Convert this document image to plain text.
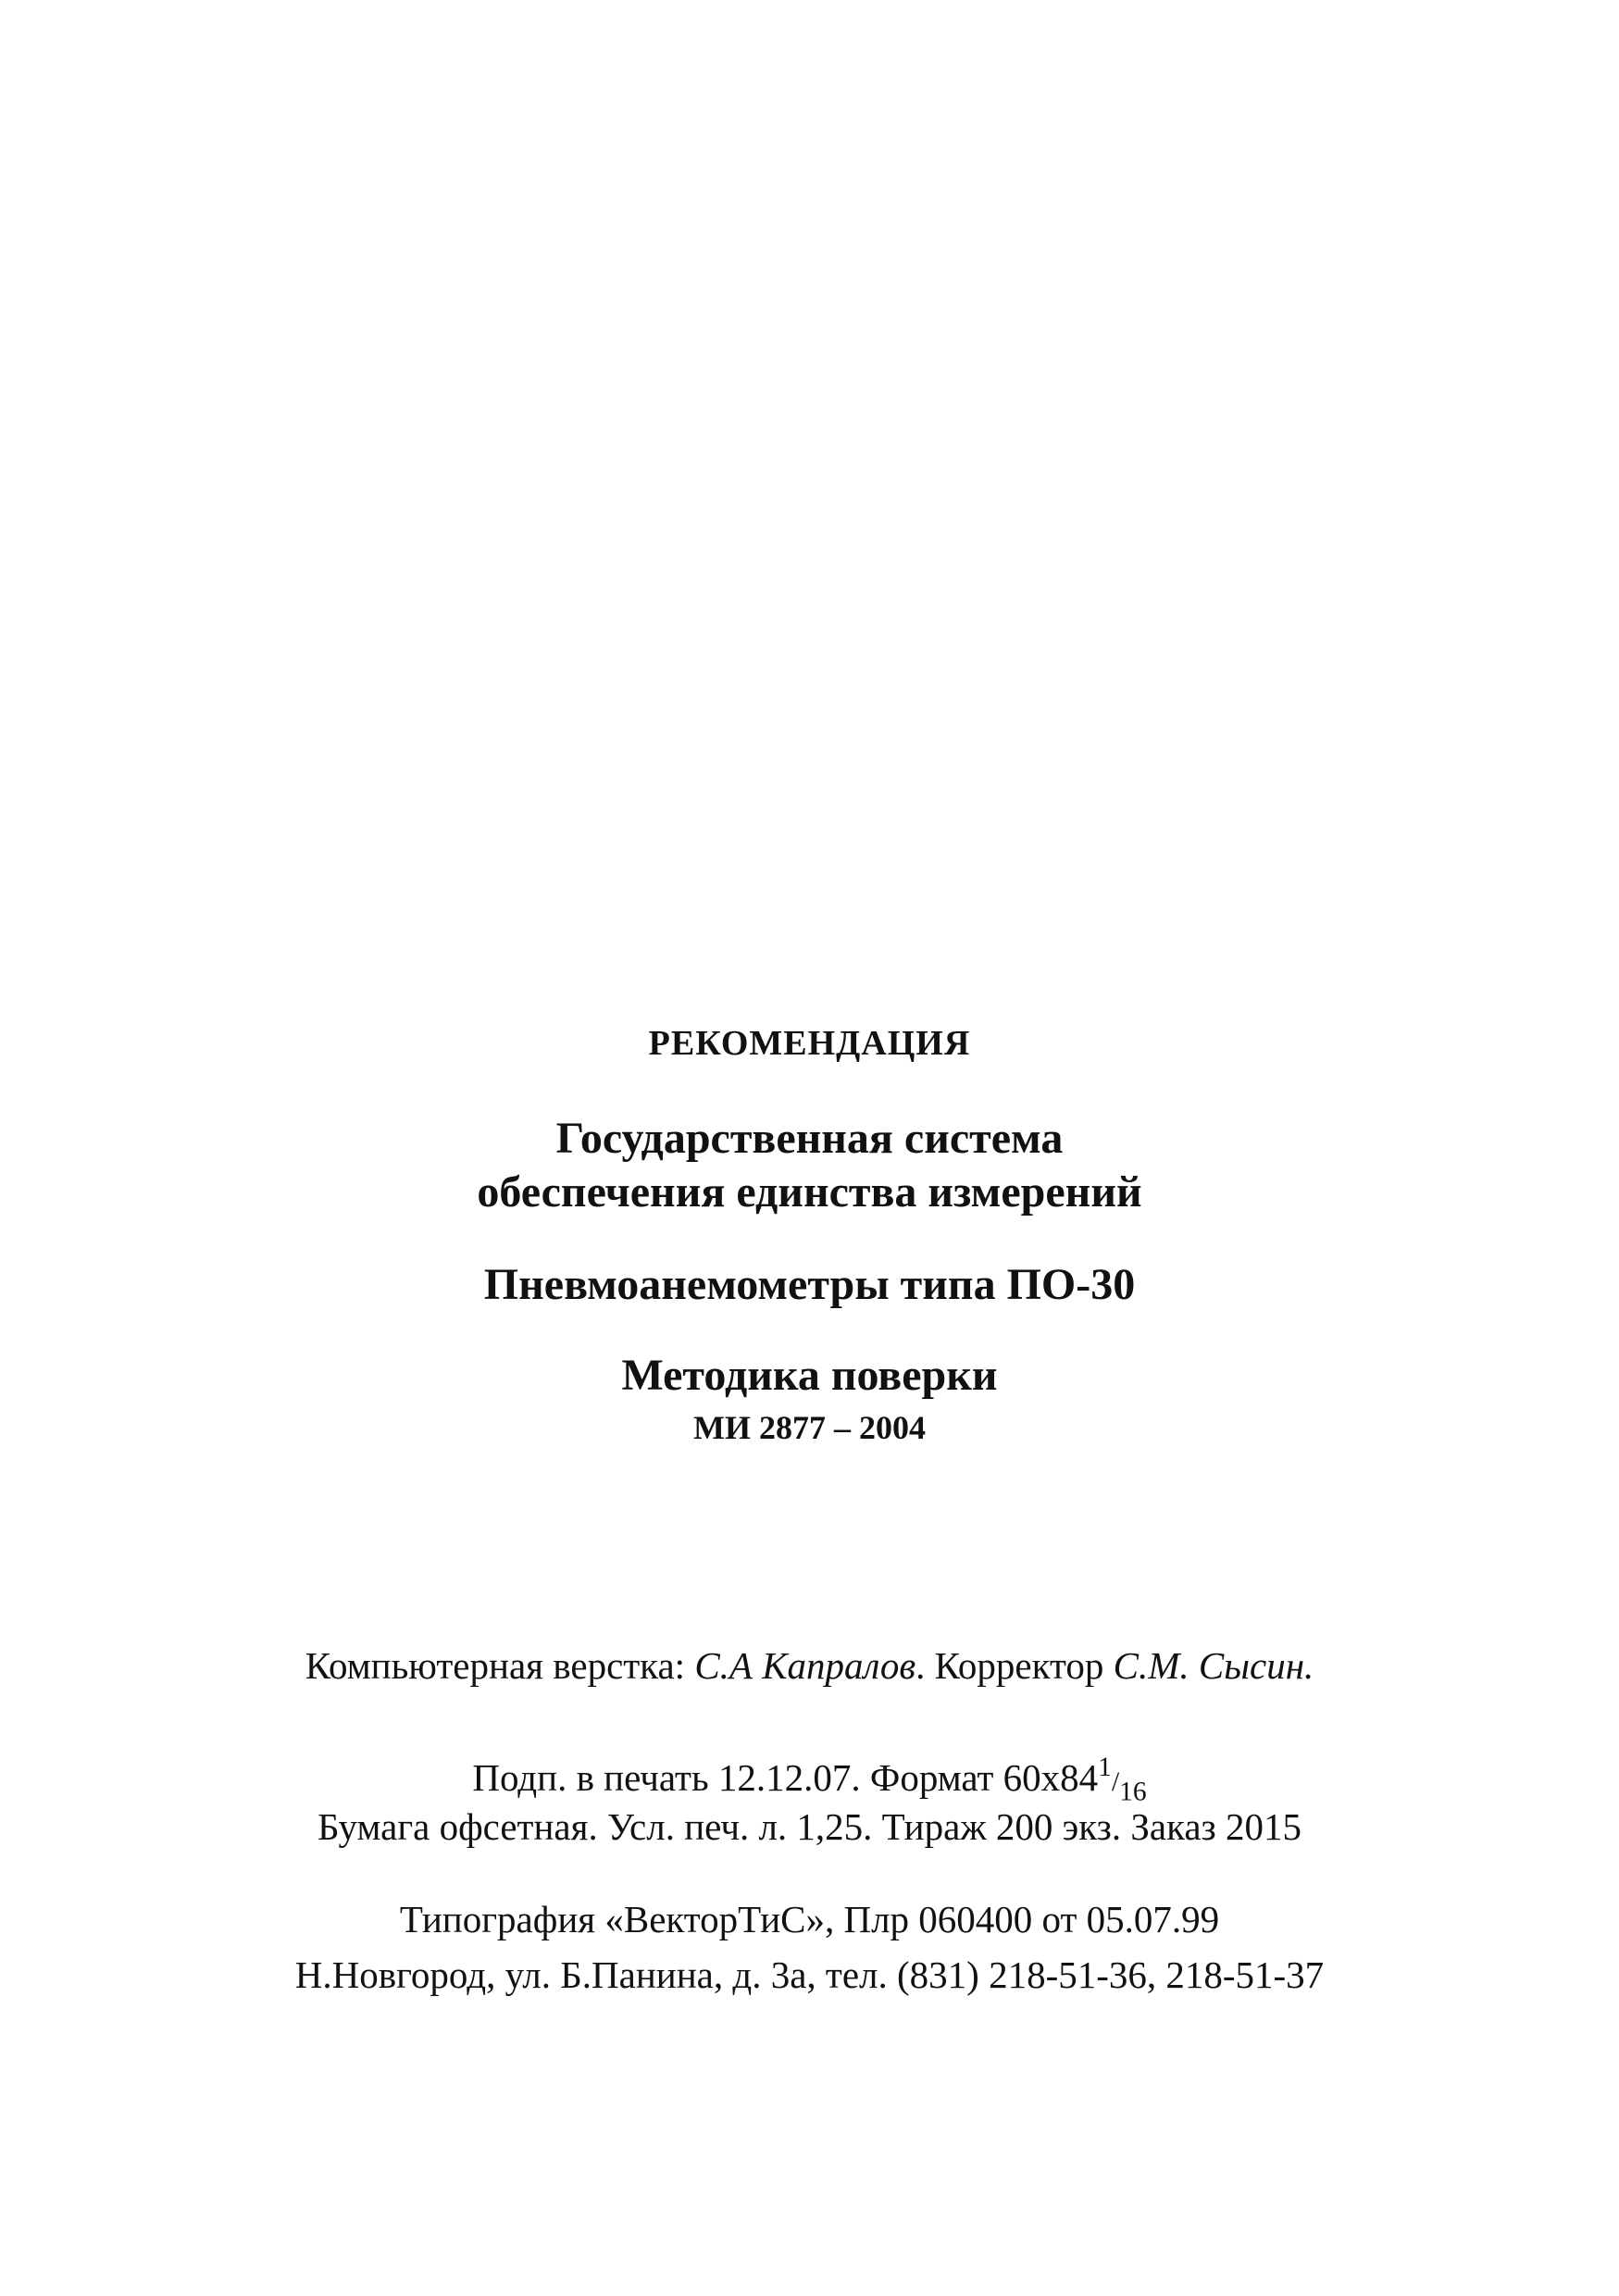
РЕКОМЕНДАЦИЯ
Государственная система
обеспечения единства измерений
Пневмоанемометры типа ПО-30
Методика поверки
МИ 2877 – 2004
Компьютерная верстка: С.А Капралов. Корректор С.М. Сысин.
Подп. в печать 12.12.07. Формат $60х84^1/_{16}$
Бумага офсетная. Усл. печ. л. 1,25. Тираж 200 экз. Заказ 2015
Типография «ВекторТиС», Плр 060400 от 05.07.99
Н.Новгород, ул. Б.Панина, д. 3а, тел. (831) 218-51-36, 218-51-37
